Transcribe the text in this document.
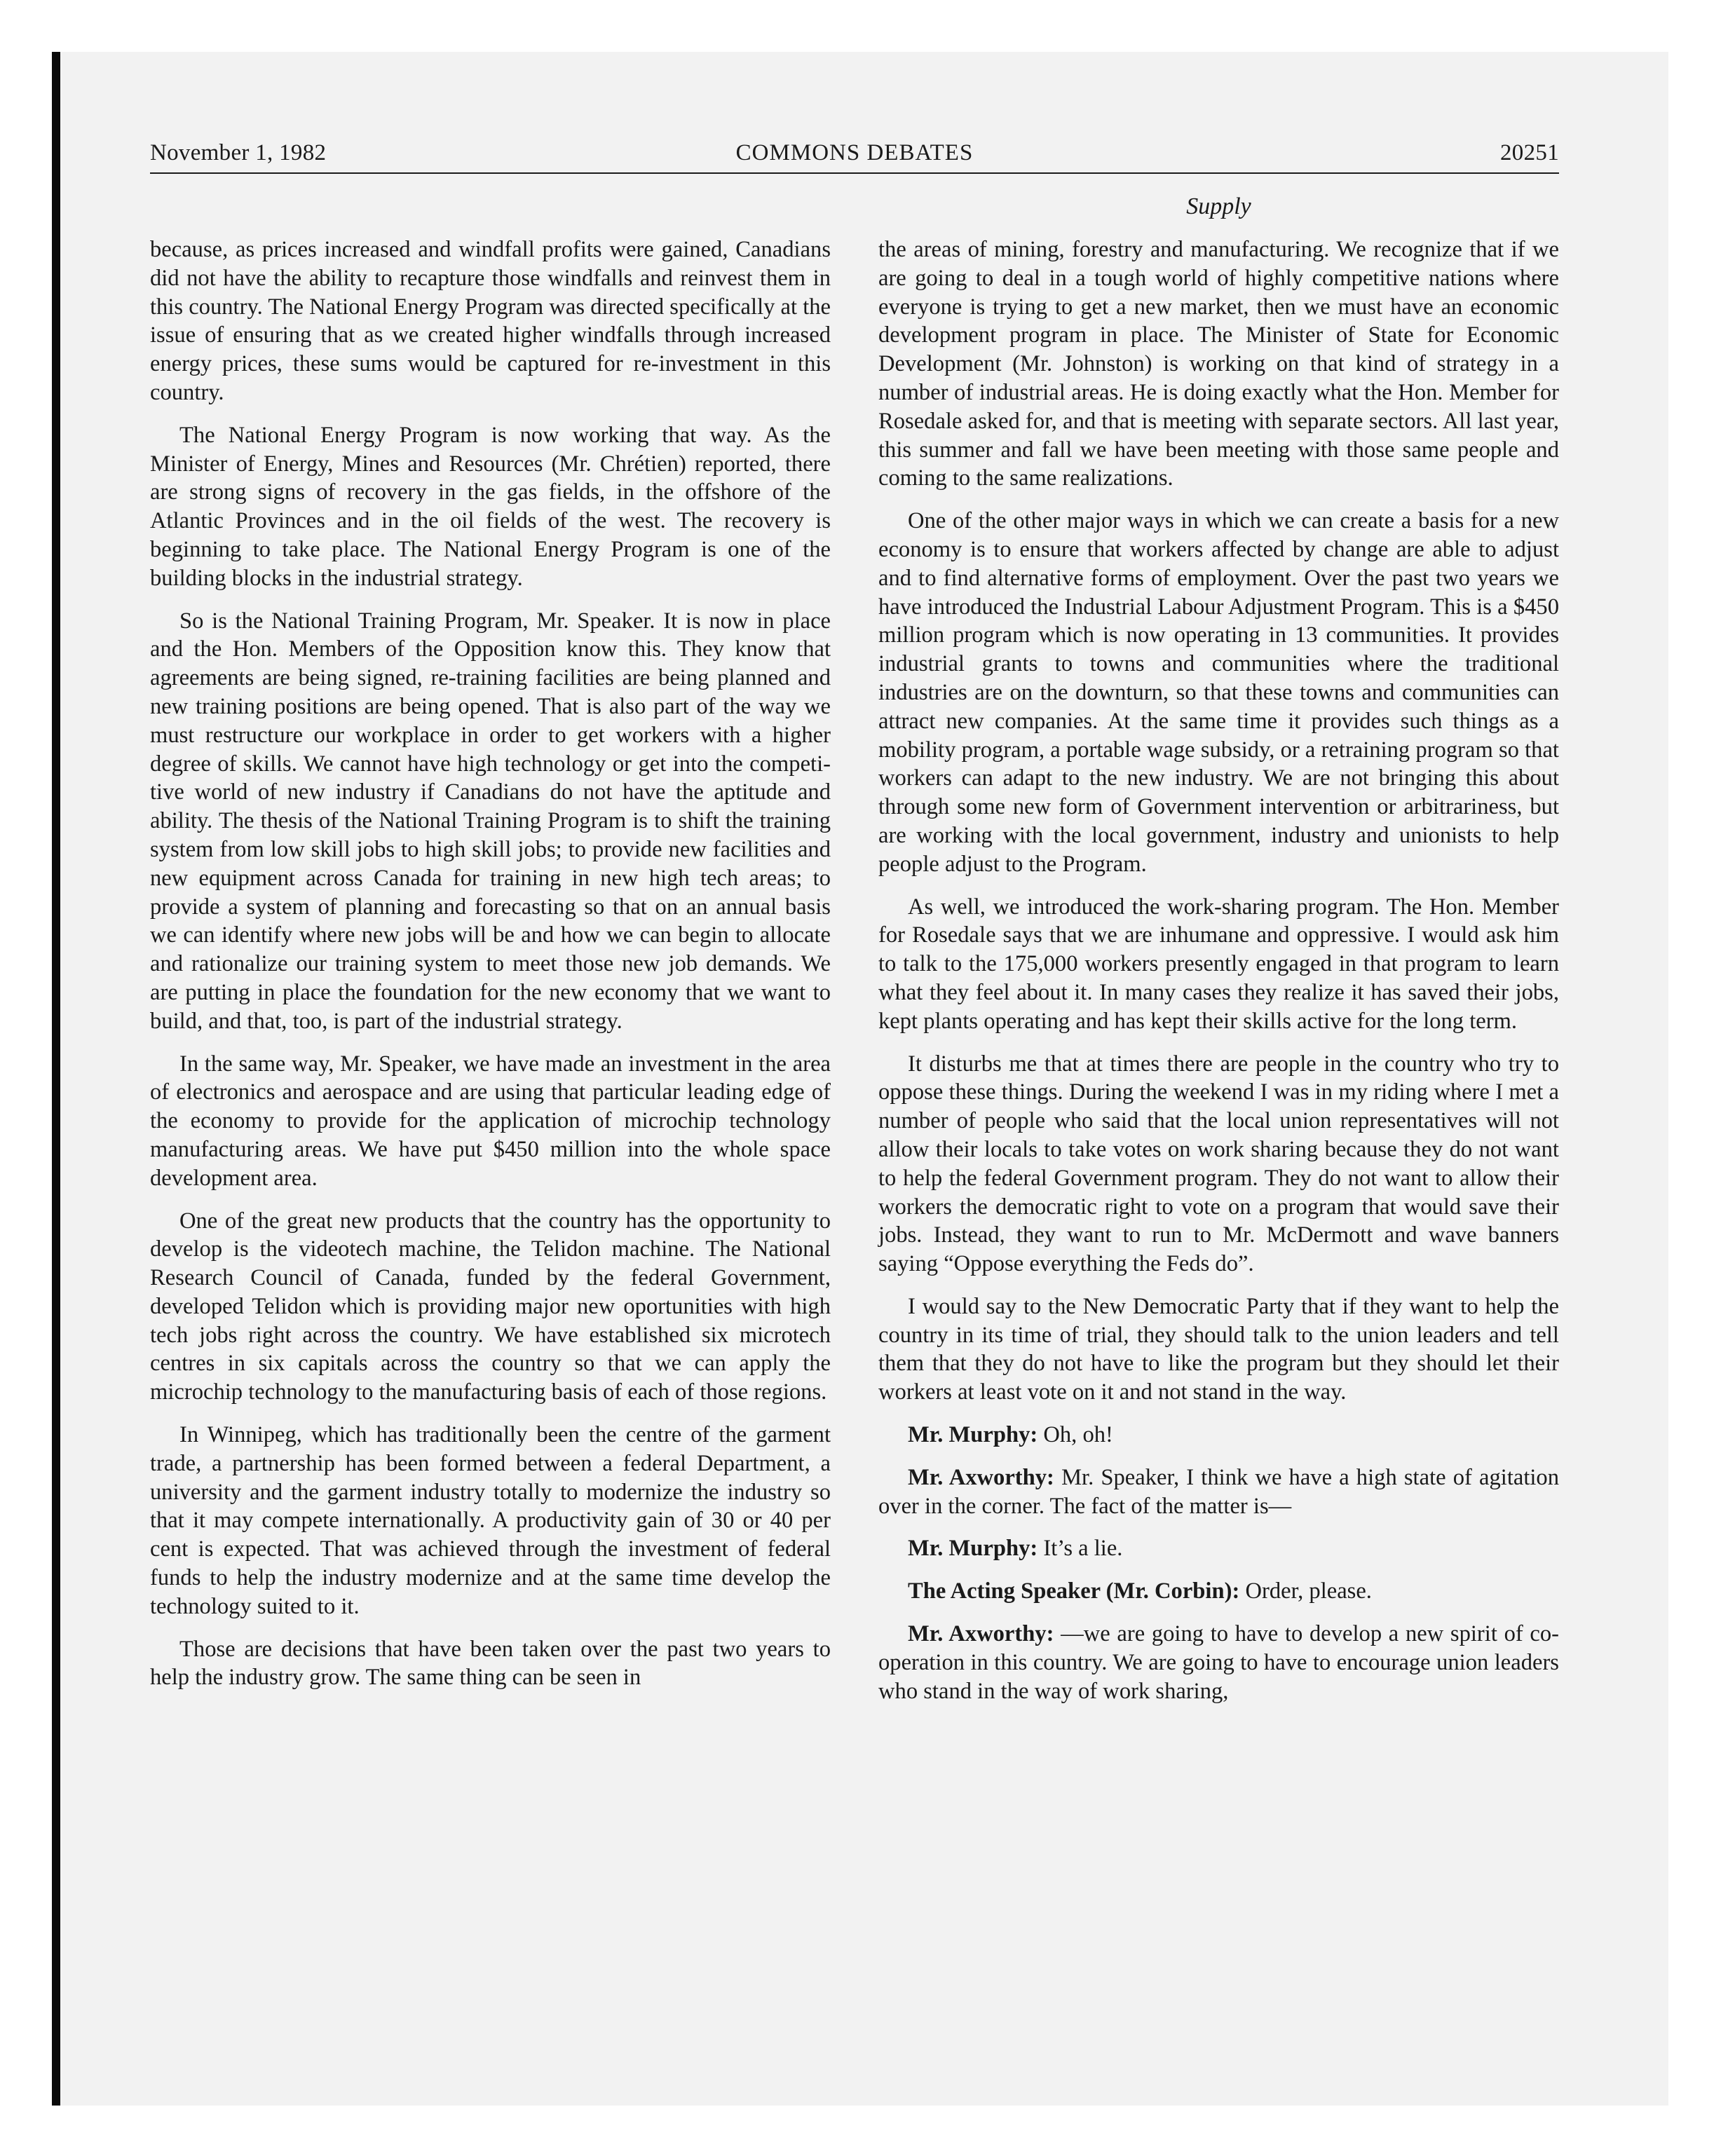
November 1, 1982	COMMONS DEBATES	20251
Supply

because, as prices increased and windfall profits were gained, Canadians did not have the ability to recapture those windfalls and reinvest them in this country. The National Energy Program was directed specifically at the issue of ensuring that as we created higher windfalls through increased energy prices, these sums would be captured for re-investment in this country.

The National Energy Program is now working that way. As the Minister of Energy, Mines and Resources (Mr. Chrétien) reported, there are strong signs of recovery in the gas fields, in the offshore of the Atlantic Provinces and in the oil fields of the west. The recovery is beginning to take place. The National Energy Program is one of the building blocks in the industrial strategy.

So is the National Training Program, Mr. Speaker. It is now in place and the Hon. Members of the Opposition know this. They know that agreements are being signed, re-training facilities are being planned and new training positions are being opened. That is also part of the way we must restructure our workplace in order to get workers with a higher degree of skills. We cannot have high technology or get into the competitive world of new industry if Canadians do not have the aptitude and ability. The thesis of the National Training Program is to shift the training system from low skill jobs to high skill jobs; to provide new facilities and new equipment across Canada for training in new high tech areas; to provide a system of planning and forecasting so that on an annual basis we can identify where new jobs will be and how we can begin to allocate and rationalize our training system to meet those new job demands. We are putting in place the foundation for the new economy that we want to build, and that, too, is part of the industrial strategy.

In the same way, Mr. Speaker, we have made an investment in the area of electronics and aerospace and are using that particular leading edge of the economy to provide for the application of microchip technology manufacturing areas. We have put $450 million into the whole space development area.

One of the great new products that the country has the opportunity to develop is the videotech machine, the Telidon machine. The National Research Council of Canada, funded by the federal Government, developed Telidon which is providing major new oportunities with high tech jobs right across the country. We have established six microtech centres in six capitals across the country so that we can apply the microchip technology to the manufacturing basis of each of those regions.

In Winnipeg, which has traditionally been the centre of the garment trade, a partnership has been formed between a federal Department, a university and the garment industry totally to modernize the industry so that it may compete internationally. A productivity gain of 30 or 40 per cent is expected. That was achieved through the investment of federal funds to help the industry modernize and at the same time develop the technology suited to it.

Those are decisions that have been taken over the past two years to help the industry grow. The same thing can be seen in

the areas of mining, forestry and manufacturing. We recognize that if we are going to deal in a tough world of highly competitive nations where everyone is trying to get a new market, then we must have an economic development program in place. The Minister of State for Economic Development (Mr. Johnston) is working on that kind of strategy in a number of industrial areas. He is doing exactly what the Hon. Member for Rosedale asked for, and that is meeting with separate sectors. All last year, this summer and fall we have been meeting with those same people and coming to the same realizations.

One of the other major ways in which we can create a basis for a new economy is to ensure that workers affected by change are able to adjust and to find alternative forms of employment. Over the past two years we have introduced the Industrial Labour Adjustment Program. This is a $450 million program which is now operating in 13 communities. It provides industrial grants to towns and communities where the traditional industries are on the downturn, so that these towns and communities can attract new companies. At the same time it provides such things as a mobility program, a portable wage subsidy, or a retraining program so that workers can adapt to the new industry. We are not bringing this about through some new form of Government intervention or arbitrariness, but are working with the local government, industry and unionists to help people adjust to the Program.

As well, we introduced the work-sharing program. The Hon. Member for Rosedale says that we are inhumane and oppressive. I would ask him to talk to the 175,000 workers presently engaged in that program to learn what they feel about it. In many cases they realize it has saved their jobs, kept plants operating and has kept their skills active for the long term.

It disturbs me that at times there are people in the country who try to oppose these things. During the weekend I was in my riding where I met a number of people who said that the local union representatives will not allow their locals to take votes on work sharing because they do not want to help the federal Government program. They do not want to allow their workers the democratic right to vote on a program that would save their jobs. Instead, they want to run to Mr. McDermott and wave banners saying “Oppose everything the Feds do”.

I would say to the New Democratic Party that if they want to help the country in its time of trial, they should talk to the union leaders and tell them that they do not have to like the program but they should let their workers at least vote on it and not stand in the way.

Mr. Murphy: Oh, oh!

Mr. Axworthy: Mr. Speaker, I think we have a high state of agitation over in the corner. The fact of the matter is—

Mr. Murphy: It’s a lie.

The Acting Speaker (Mr. Corbin): Order, please.

Mr. Axworthy: —we are going to have to develop a new spirit of co-operation in this country. We are going to have to encourage union leaders who stand in the way of work sharing,
